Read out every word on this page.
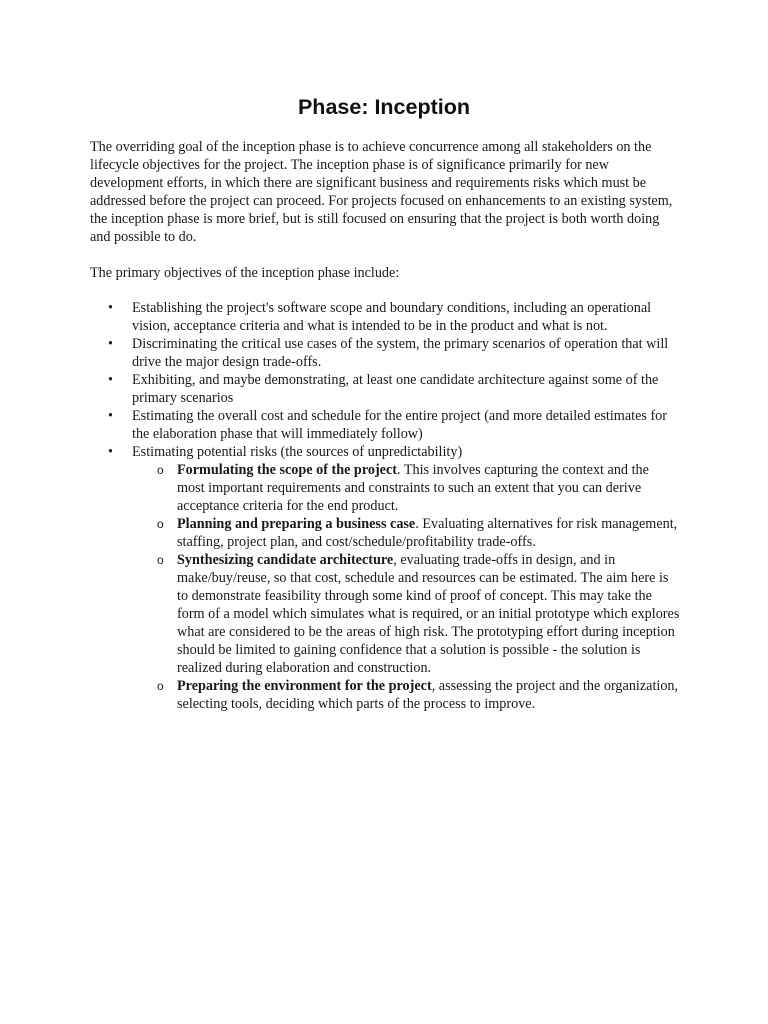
Phase: Inception

The overriding goal of the inception phase is to achieve concurrence among all stakeholders on the lifecycle objectives for the project. The inception phase is of significance primarily for new development efforts, in which there are significant business and requirements risks which must be addressed before the project can proceed. For projects focused on enhancements to an existing system, the inception phase is more brief, but is still focused on ensuring that the project is both worth doing and possible to do.

The primary objectives of the inception phase include:

• Establishing the project's software scope and boundary conditions, including an operational vision, acceptance criteria and what is intended to be in the product and what is not.
• Discriminating the critical use cases of the system, the primary scenarios of operation that will drive the major design trade-offs.
• Exhibiting, and maybe demonstrating, at least one candidate architecture against some of the primary scenarios
• Estimating the overall cost and schedule for the entire project (and more detailed estimates for the elaboration phase that will immediately follow)
• Estimating potential risks (the sources of unpredictability)
o Formulating the scope of the project. This involves capturing the context and the most important requirements and constraints to such an extent that you can derive acceptance criteria for the end product.
o Planning and preparing a business case. Evaluating alternatives for risk management, staffing, project plan, and cost/schedule/profitability trade-offs.
o Synthesizing candidate architecture, evaluating trade-offs in design, and in make/buy/reuse, so that cost, schedule and resources can be estimated. The aim here is to demonstrate feasibility through some kind of proof of concept. This may take the form of a model which simulates what is required, or an initial prototype which explores what are considered to be the areas of high risk. The prototyping effort during inception should be limited to gaining confidence that a solution is possible - the solution is realized during elaboration and construction.
o Preparing the environment for the project, assessing the project and the organization, selecting tools, deciding which parts of the process to improve.
